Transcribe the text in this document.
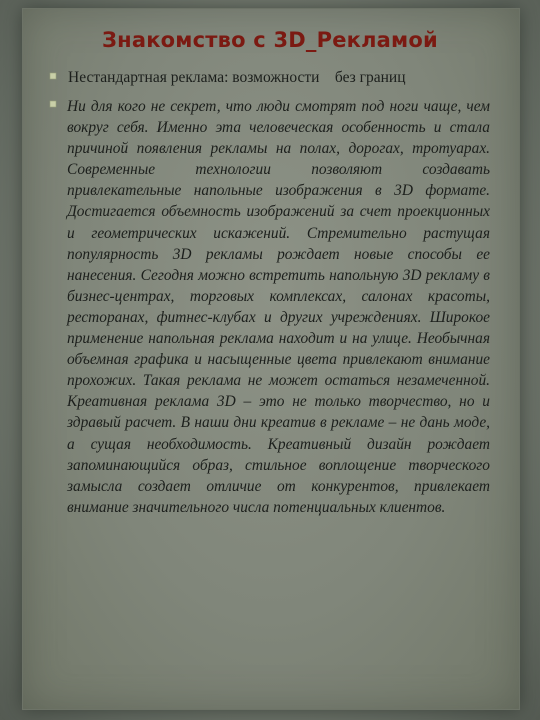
Знакомство с 3D_Рекламой
Нестандартная реклама: возможности    без границ
Ни для кого не секрет, что люди смотрят под ноги чаще, чем вокруг себя. Именно эта человеческая особенность и стала причиной появления рекламы на полах, дорогах, тротуарах. Современные технологии позволяют создавать привлекательные напольные изображения в 3D формате. Достигается объемность изображений за счет проекционных и геометрических искажений. Стремительно растущая популярность 3D рекламы рождает новые способы ее нанесения. Сегодня можно встретить напольную 3D рекламу в бизнес-центрах, торговых комплексах, салонах красоты, ресторанах, фитнес-клубах и других учреждениях. Широкое применение напольная реклама находит и на улице. Необычная объемная графика и насыщенные цвета привлекают внимание прохожих. Такая реклама не может остаться незамеченной. Креативная реклама 3D – это не только творчество, но и здравый расчет. В наши дни креатив в рекламе – не дань моде, а сущая необходимость. Креативный дизайн рождает запоминающийся образ, стильное воплощение творческого замысла создает отличие от конкурентов, привлекает внимание значительного числа потенциальных клиентов.
